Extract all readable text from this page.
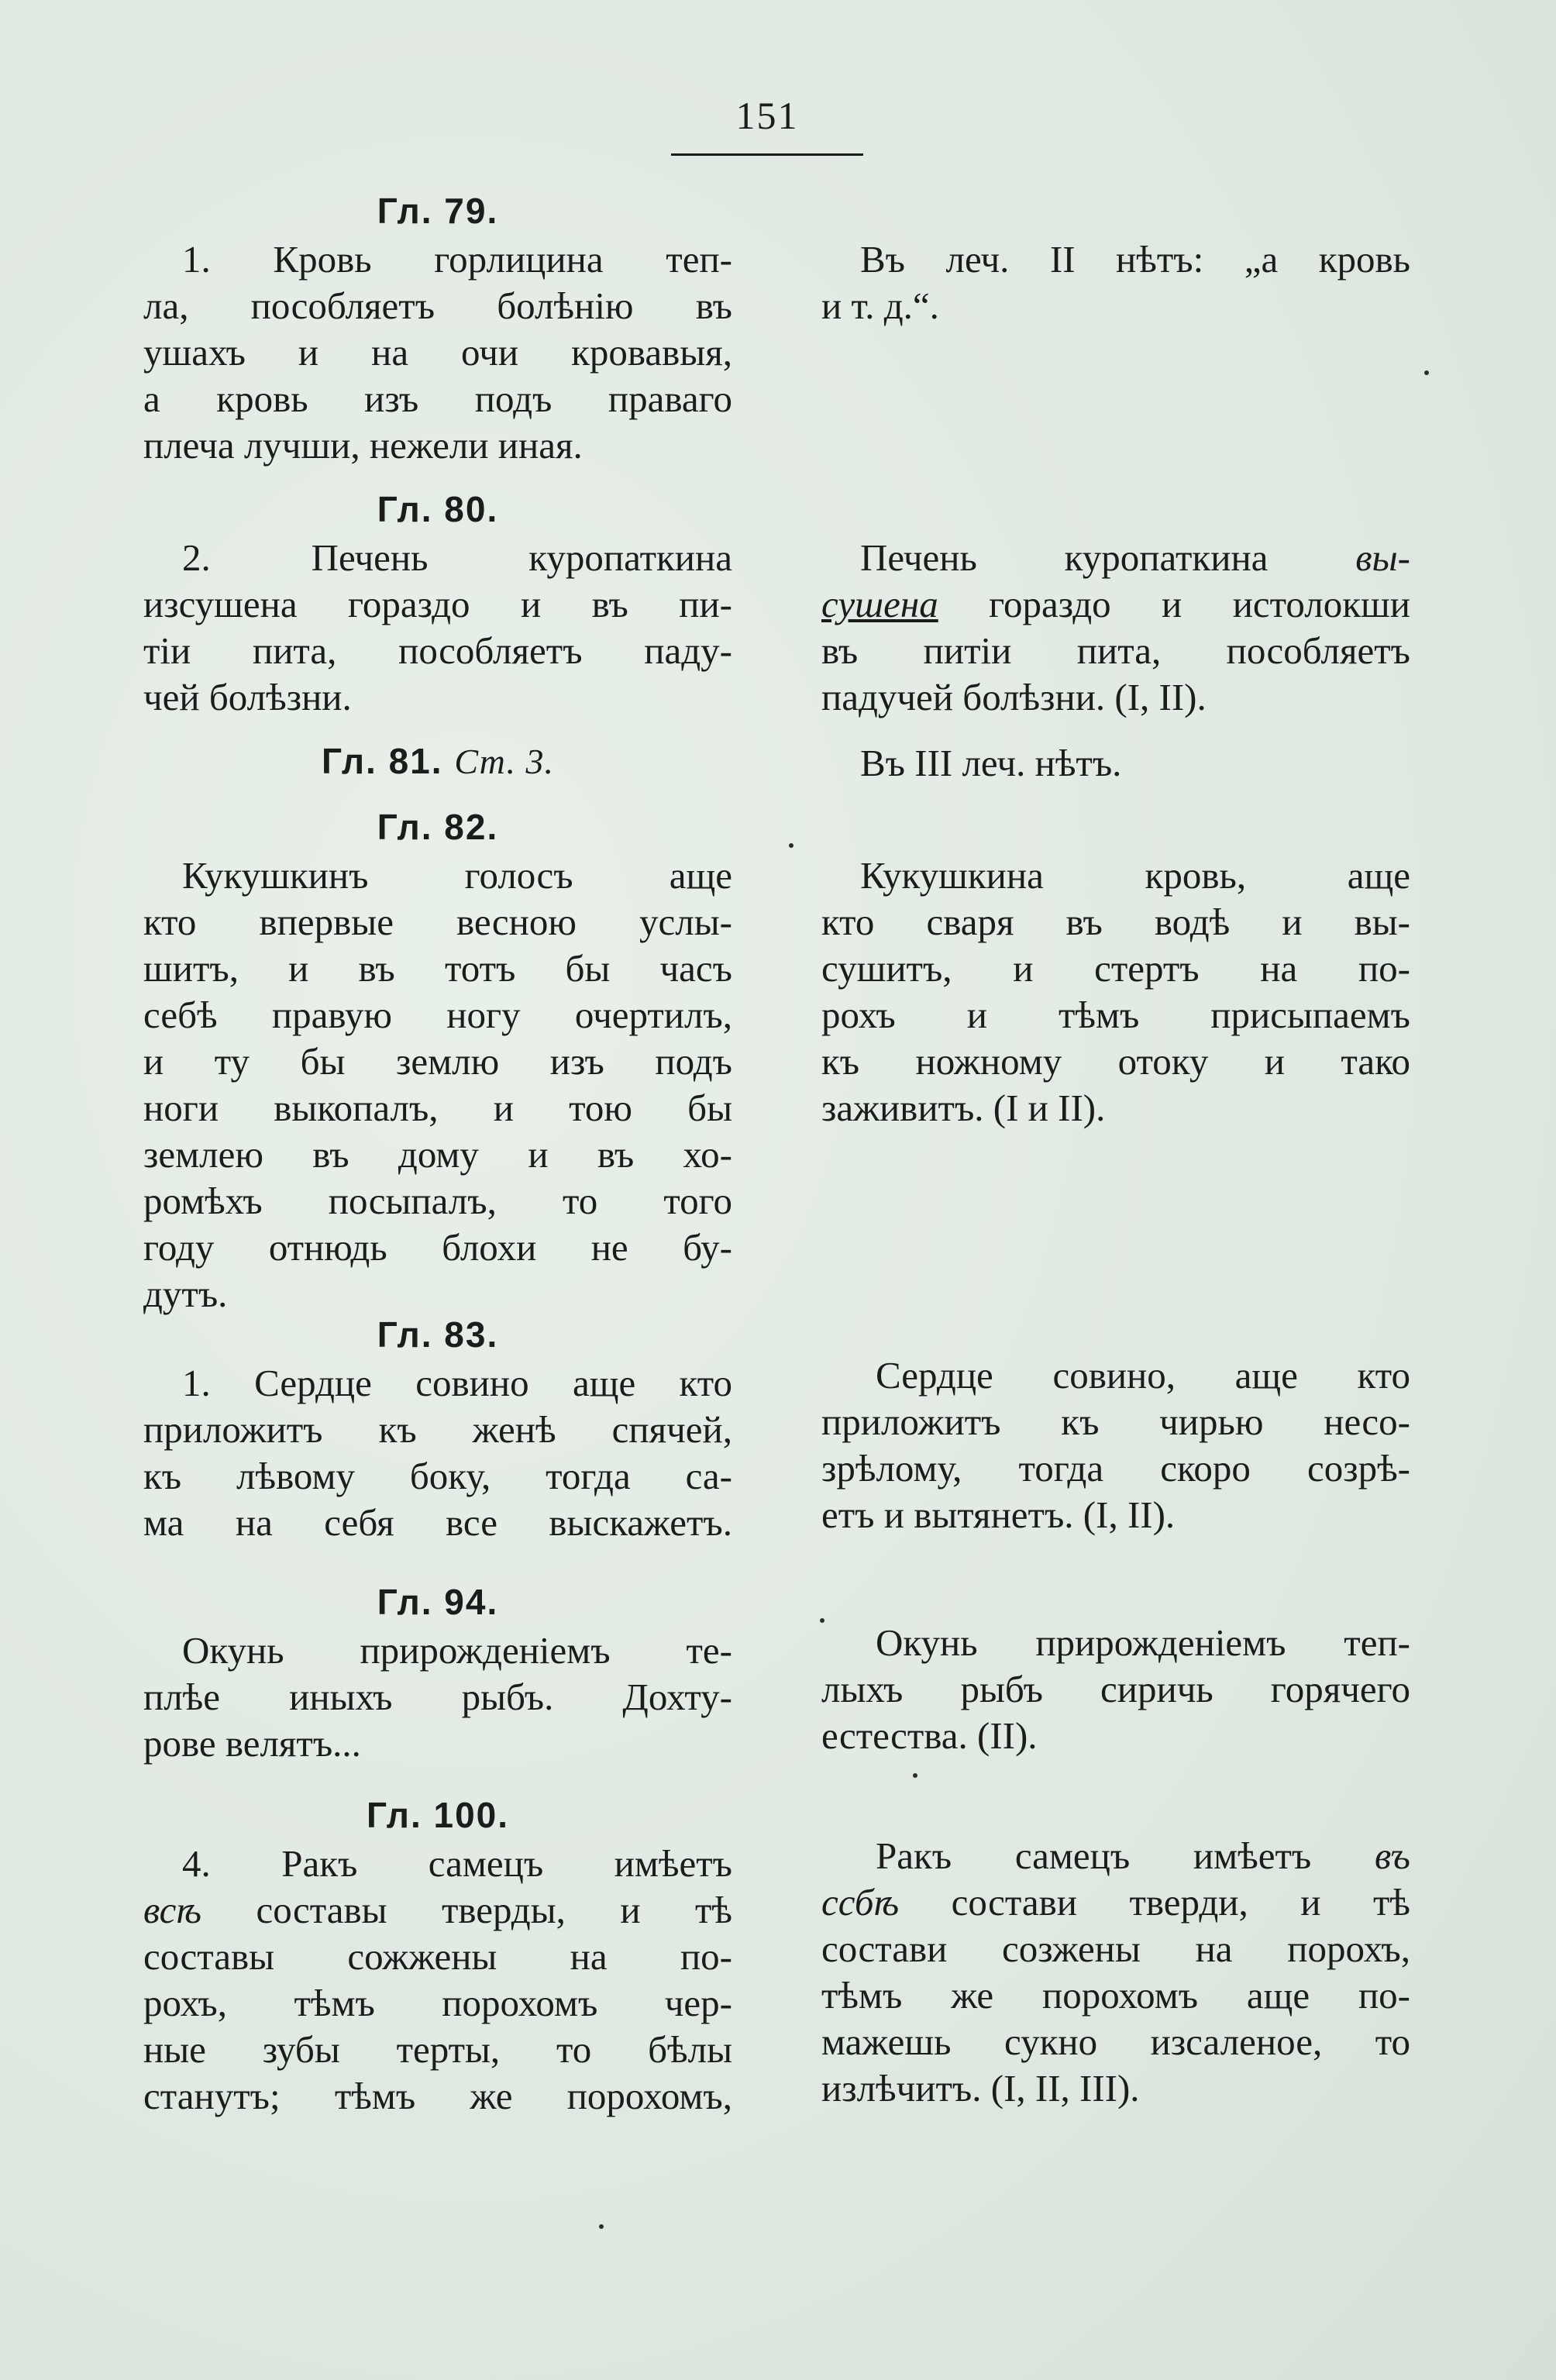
151
Гл. 79.
1. Кровь горлицина теп-
ла, пособляетъ болѣнію въ
ушахъ и на очи кровавыя,
а кровь изъ подъ праваго
плеча лучши, нежели иная.
Гл. 80.
2. Печень куропаткина
изсушена гораздо и въ пи-
тіи пита, пособляетъ паду-
чей болѣзни.
Гл. 81. Ст. 3.
Гл. 82.
Кукушкинъ голосъ аще
кто впервые весною услы-
шитъ, и въ тотъ бы часъ
себѣ правую ногу очертилъ,
и ту бы землю изъ подъ
ноги выкопалъ, и тою бы
землею въ дому и въ хо-
ромѣхъ посыпалъ, то того
году отнюдь блохи не бу-
дутъ.
Гл. 83.
1. Сердце совино аще кто
приложитъ къ женѣ спячей,
къ лѣвому боку, тогда са-
ма на себя все выскажетъ.
Гл. 94.
Окунь прирожденіемъ те-
плѣе иныхъ рыбъ. Дохту-
рове велятъ...
Гл. 100.
4. Ракъ самецъ имѣетъ
всѣ составы тверды, и тѣ
составы сожжены на по-
рохъ, тѣмъ порохомъ чер-
ные зубы терты, то бѣлы
станутъ; тѣмъ же порохомъ,
Въ леч. II нѣтъ: „а кровь
и т. д.“.
Печень куропаткина вы-
сушена гораздо и истолокши
въ питіи пита, пособляетъ
падучей болѣзни. (I, II).
Въ III леч. нѣтъ.
Кукушкина кровь, аще
кто сваря въ водѣ и вы-
сушитъ, и стертъ на по-
рохъ и тѣмъ присыпаемъ
къ ножному отоку и тако
заживитъ. (I и II).
Сердце совино, аще кто
приложитъ къ чирью несо-
зрѣлому, тогда скоро созрѣ-
етъ и вытянетъ. (I, II).
Окунь прирожденіемъ теп-
лыхъ рыбъ сиричь горячего
естества. (II).
Ракъ самецъ имѣетъ въ
ссбѣ состави тверди, и тѣ
состави созжены на порохъ,
тѣмъ же порохомъ аще по-
мажешь сукно изсаленое, то
излѣчитъ. (I, II, III).
